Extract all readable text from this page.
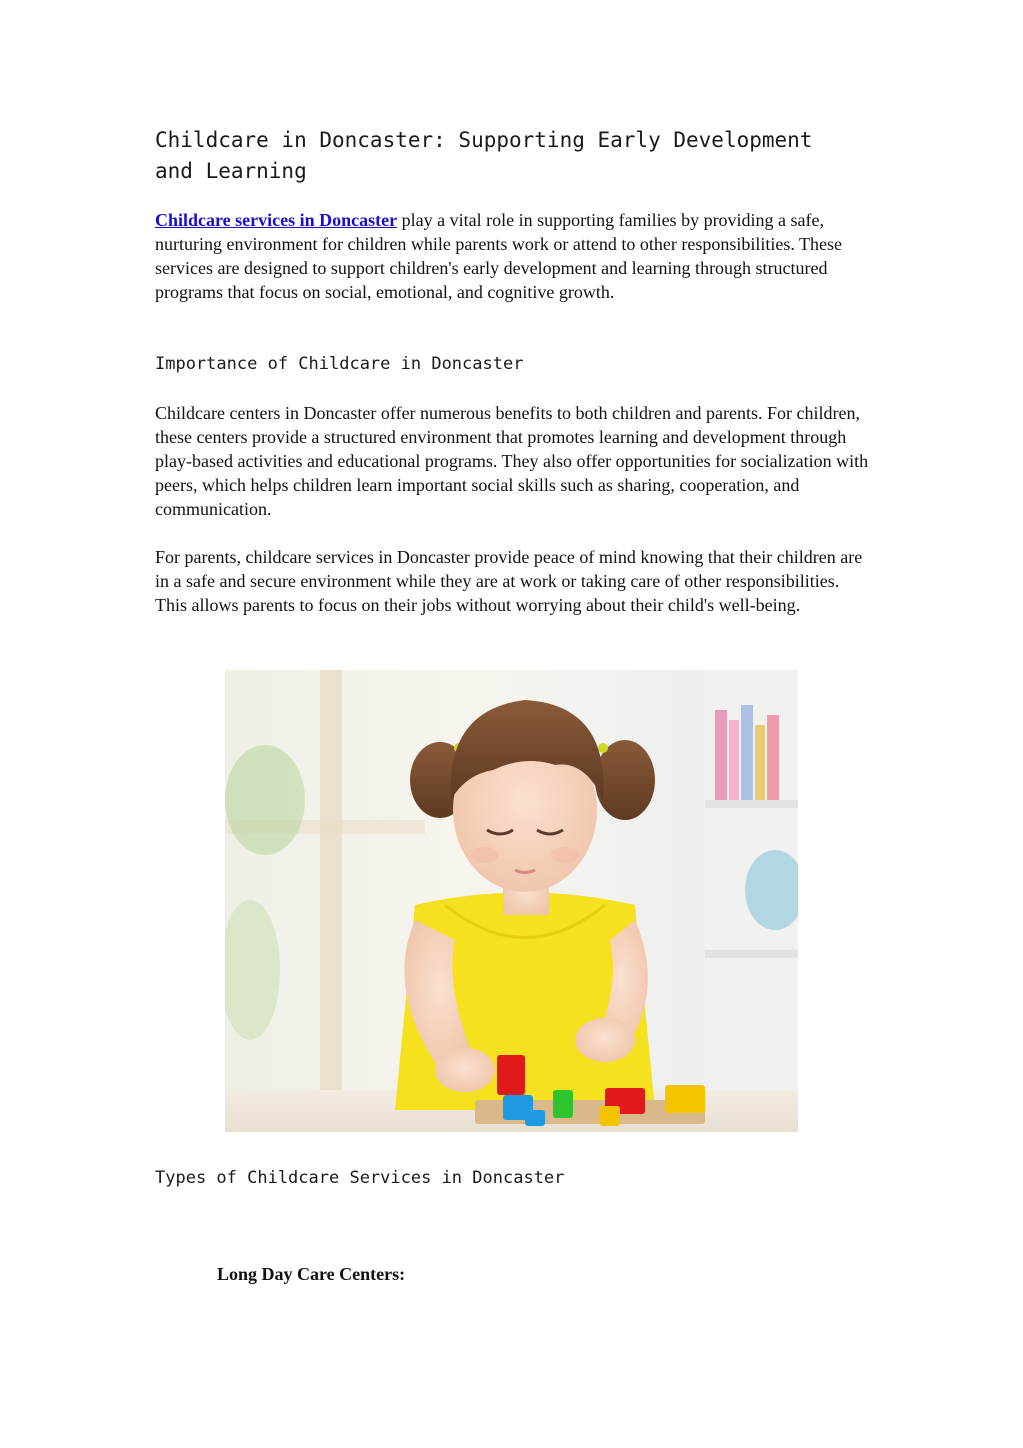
Childcare in Doncaster: Supporting Early Development and Learning

Childcare services in Doncaster play a vital role in supporting families by providing a safe, nurturing environment for children while parents work or attend to other responsibilities. These services are designed to support children's early development and learning through structured programs that focus on social, emotional, and cognitive growth.

Importance of Childcare in Doncaster

Childcare centers in Doncaster offer numerous benefits to both children and parents. For children, these centers provide a structured environment that promotes learning and development through play-based activities and educational programs. They also offer opportunities for socialization with peers, which helps children learn important social skills such as sharing, cooperation, and communication.

For parents, childcare services in Doncaster provide peace of mind knowing that their children are in a safe and secure environment while they are at work or taking care of other responsibilities. This allows parents to focus on their jobs without worrying about their child's well-being.

Types of Childcare Services in Doncaster
Long Day Care Centers:
